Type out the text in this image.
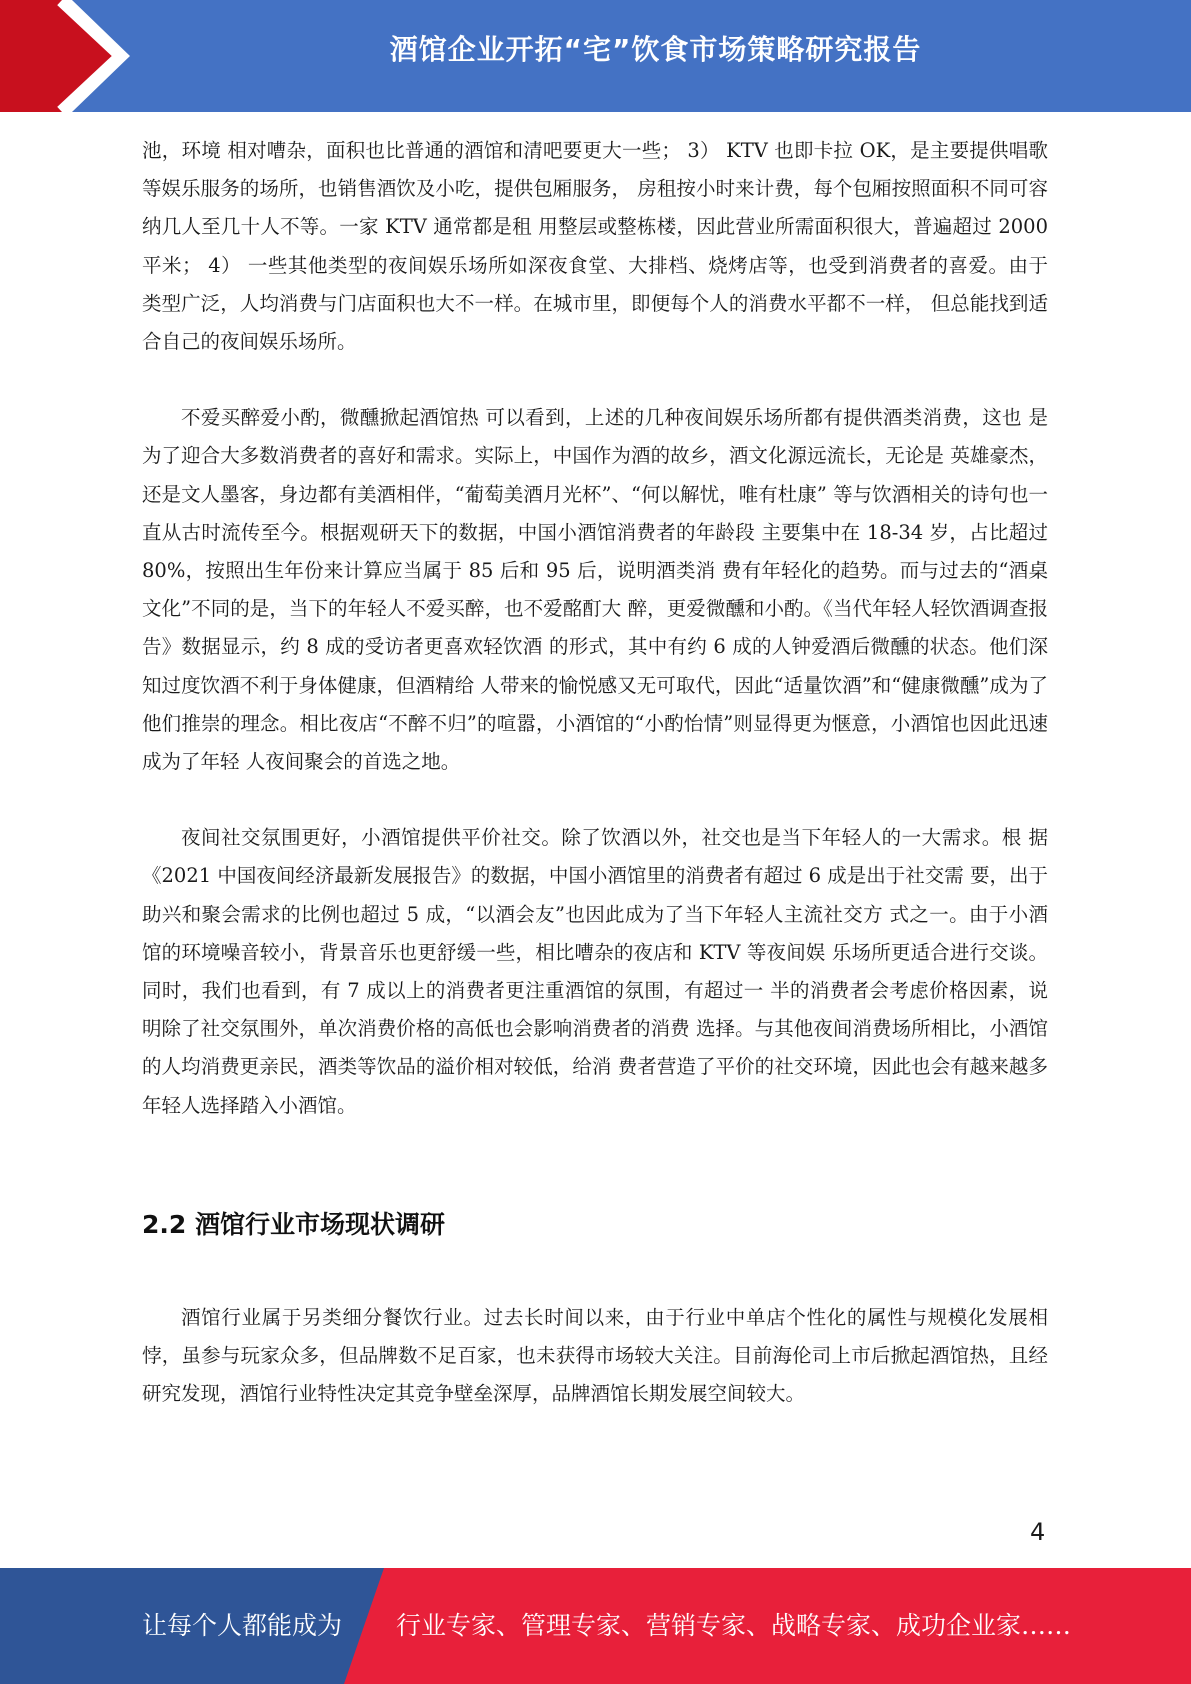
酒馆企业开拓“宅”饮食市场策略研究报告

池，环境 相对嘈杂，面积也比普通的酒馆和清吧要更大一些； 3） KTV 也即卡拉 OK，是主要提供唱歌等娱乐服务的场所，也销售酒饮及小吃，提供包厢服务， 房租按小时来计费，每个包厢按照面积不同可容纳几人至几十人不等。一家 KTV 通常都是租 用整层或整栋楼，因此营业所需面积很大，普遍超过 2000 平米； 4） 一些其他类型的夜间娱乐场所如深夜食堂、大排档、烧烤店等，也受到消费者的喜爱。由于 类型广泛，人均消费与门店面积也大不一样。在城市里，即便每个人的消费水平都不一样， 但总能找到适合自己的夜间娱乐场所。

不爱买醉爱小酌，微醺掀起酒馆热 可以看到，上述的几种夜间娱乐场所都有提供酒类消费，这也 是为了迎合大多数消费者的喜好和需求。实际上，中国作为酒的故乡，酒文化源远流长，无论是 英雄豪杰，还是文人墨客，身边都有美酒相伴，“葡萄美酒月光杯”、“何以解忧，唯有杜康” 等与饮酒相关的诗句也一直从古时流传至今。根据观研天下的数据，中国小酒馆消费者的年龄段 主要集中在 18-34 岁，占比超过 80%，按照出生年份来计算应当属于 85 后和 95 后，说明酒类消 费有年轻化的趋势。而与过去的“酒桌文化”不同的是，当下的年轻人不爱买醉，也不爱酩酊大 醉，更爱微醺和小酌。《当代年轻人轻饮酒调查报告》数据显示，约 8 成的受访者更喜欢轻饮酒 的形式，其中有约 6 成的人钟爱酒后微醺的状态。他们深知过度饮酒不利于身体健康，但酒精给 人带来的愉悦感又无可取代，因此“适量饮酒”和“健康微醺”成为了他们推崇的理念。相比夜店“不醉不归”的喧嚣，小酒馆的“小酌怡情”则显得更为惬意，小酒馆也因此迅速成为了年轻 人夜间聚会的首选之地。

夜间社交氛围更好，小酒馆提供平价社交。除了饮酒以外，社交也是当下年轻人的一大需求。根 据《2021 中国夜间经济最新发展报告》的数据，中国小酒馆里的消费者有超过 6 成是出于社交需 要，出于助兴和聚会需求的比例也超过 5 成，“以酒会友”也因此成为了当下年轻人主流社交方 式之一。由于小酒馆的环境噪音较小，背景音乐也更舒缓一些，相比嘈杂的夜店和 KTV 等夜间娱 乐场所更适合进行交谈。同时，我们也看到，有 7 成以上的消费者更注重酒馆的氛围，有超过一 半的消费者会考虑价格因素，说明除了社交氛围外，单次消费价格的高低也会影响消费者的消费 选择。与其他夜间消费场所相比，小酒馆的人均消费更亲民，酒类等饮品的溢价相对较低，给消 费者营造了平价的社交环境，因此也会有越来越多年轻人选择踏入小酒馆。

2.2 酒馆行业市场现状调研

酒馆行业属于另类细分餐饮行业。过去长时间以来，由于行业中单店个性化的属性与规模化发展相悖，虽参与玩家众多，但品牌数不足百家，也未获得市场较大关注。目前海伦司上市后掀起酒馆热，且经研究发现，酒馆行业特性决定其竞争壁垒深厚，品牌酒馆长期发展空间较大。

4
让每个人都能成为 行业专家、管理专家、营销专家、战略专家、成功企业家……
